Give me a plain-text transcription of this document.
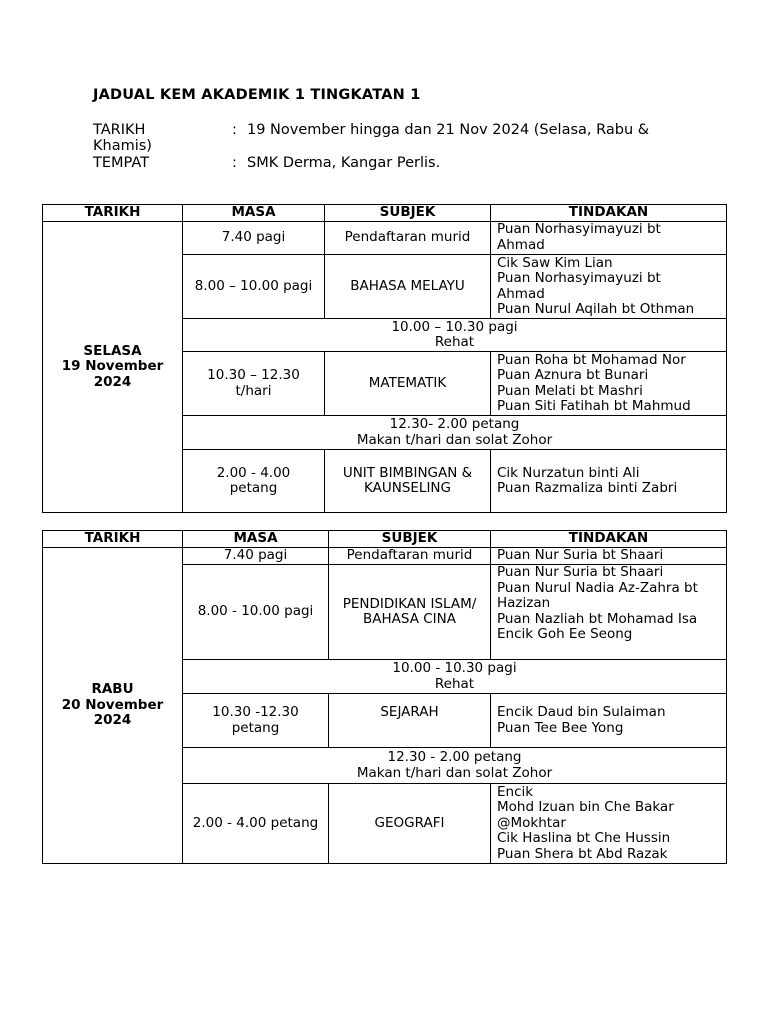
JADUAL KEM AKADEMIK 1 TINGKATAN 1
TARIKH	: 19 November hingga dan 21 Nov 2024 (Selasa, Rabu &
Khamis)
TEMPAT	: SMK Derma, Kangar Perlis.
TARIKH	MASA	SUBJEK	TINDAKAN

SELASA
19 November
2024	7.40 pagi	Pendaftaran murid	Puan Norhasyimayuzi bt
Ahmad

	8.00 – 10.00 pagi	BAHASA MELAYU	Cik Saw Kim Lian
Puan Norhasyimayuzi bt
Ahmad
Puan Nurul Aqilah bt Othman

	10.00 – 10.30 pagi
Rehat		

	10.30 – 12.30
t/hari	MATEMATIK	Puan Roha bt Mohamad Nor
Puan Aznura bt Bunari
Puan Melati bt Mashri
Puan Siti Fatihah bt Mahmud

	12.30- 2.00 petang
Makan t/hari dan solat Zohor		

	2.00 - 4.00
petang	UNIT BIMBINGAN &
KAUNSELING	Cik Nurzatun binti Ali
Puan Razmaliza binti Zabri
TARIKH	MASA	SUBJEK	TINDAKAN

RABU
20 November
2024	7.40 pagi	Pendaftaran murid	Puan Nur Suria bt Shaari
	8.00 - 10.00 pagi	PENDIDIKAN ISLAM/
BAHASA CINA	Puan Nur Suria bt Shaari
Puan Nurul Nadia Az-Zahra bt
Hazizan
Puan Nazliah bt Mohamad Isa
Encik Goh Ee Seong

	10.00 - 10.30 pagi
Rehat		

	10.30 -12.30
petang	SEJARAH	Encik Daud bin Sulaiman
Puan Tee Bee Yong

	12.30 - 2.00 petang
Makan t/hari dan solat Zohor		

	2.00 - 4.00 petang	GEOGRAFI	Encik
Mohd Izuan bin Che Bakar
@Mokhtar
Cik Haslina bt Che Hussin
Puan Shera bt Abd Razak
